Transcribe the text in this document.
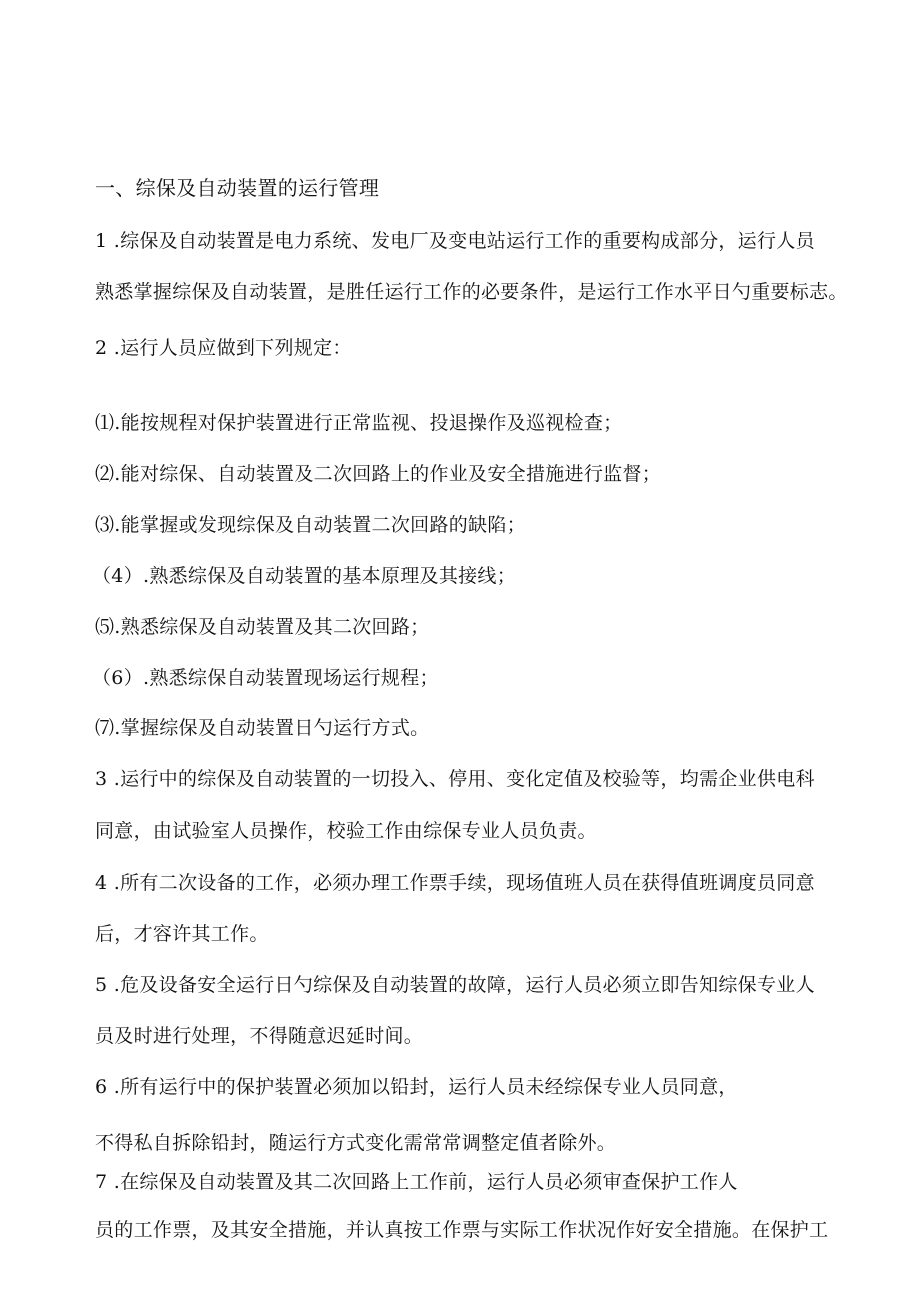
一、综保及自动装置的运行管理
1 .综保及自动装置是电力系统、发电厂及变电站运行工作的重要构成部分，运行人员
熟悉掌握综保及自动装置，是胜任运行工作的必要条件，是运行工作水平日勺重要标志。
2 .运行人员应做到下列规定：
⑴.能按规程对保护装置进行正常监视、投退操作及巡视检查；
⑵.能对综保、自动装置及二次回路上的作业及安全措施进行监督；
⑶.能掌握或发现综保及自动装置二次回路的缺陷；
（4）.熟悉综保及自动装置的基本原理及其接线；
⑸.熟悉综保及自动装置及其二次回路；
（6）.熟悉综保自动装置现场运行规程；
⑺.掌握综保及自动装置日勺运行方式。
3 .运行中的综保及自动装置的一切投入、停用、变化定值及校验等，均需企业供电科
同意，由试验室人员操作，校验工作由综保专业人员负责。
4 .所有二次设备的工作，必须办理工作票手续，现场值班人员在获得值班调度员同意
后，才容许其工作。
5 .危及设备安全运行日勺综保及自动装置的故障，运行人员必须立即告知综保专业人
员及时进行处理，不得随意迟延时间。
6 .所有运行中的保护装置必须加以铅封，运行人员未经综保专业人员同意，
不得私自拆除铅封，随运行方式变化需常常调整定值者除外。
7 .在综保及自动装置及其二次回路上工作前，运行人员必须审查保护工作人
员的工作票，及其安全措施，并认真按工作票与实际工作状况作好安全措施。在保护工
